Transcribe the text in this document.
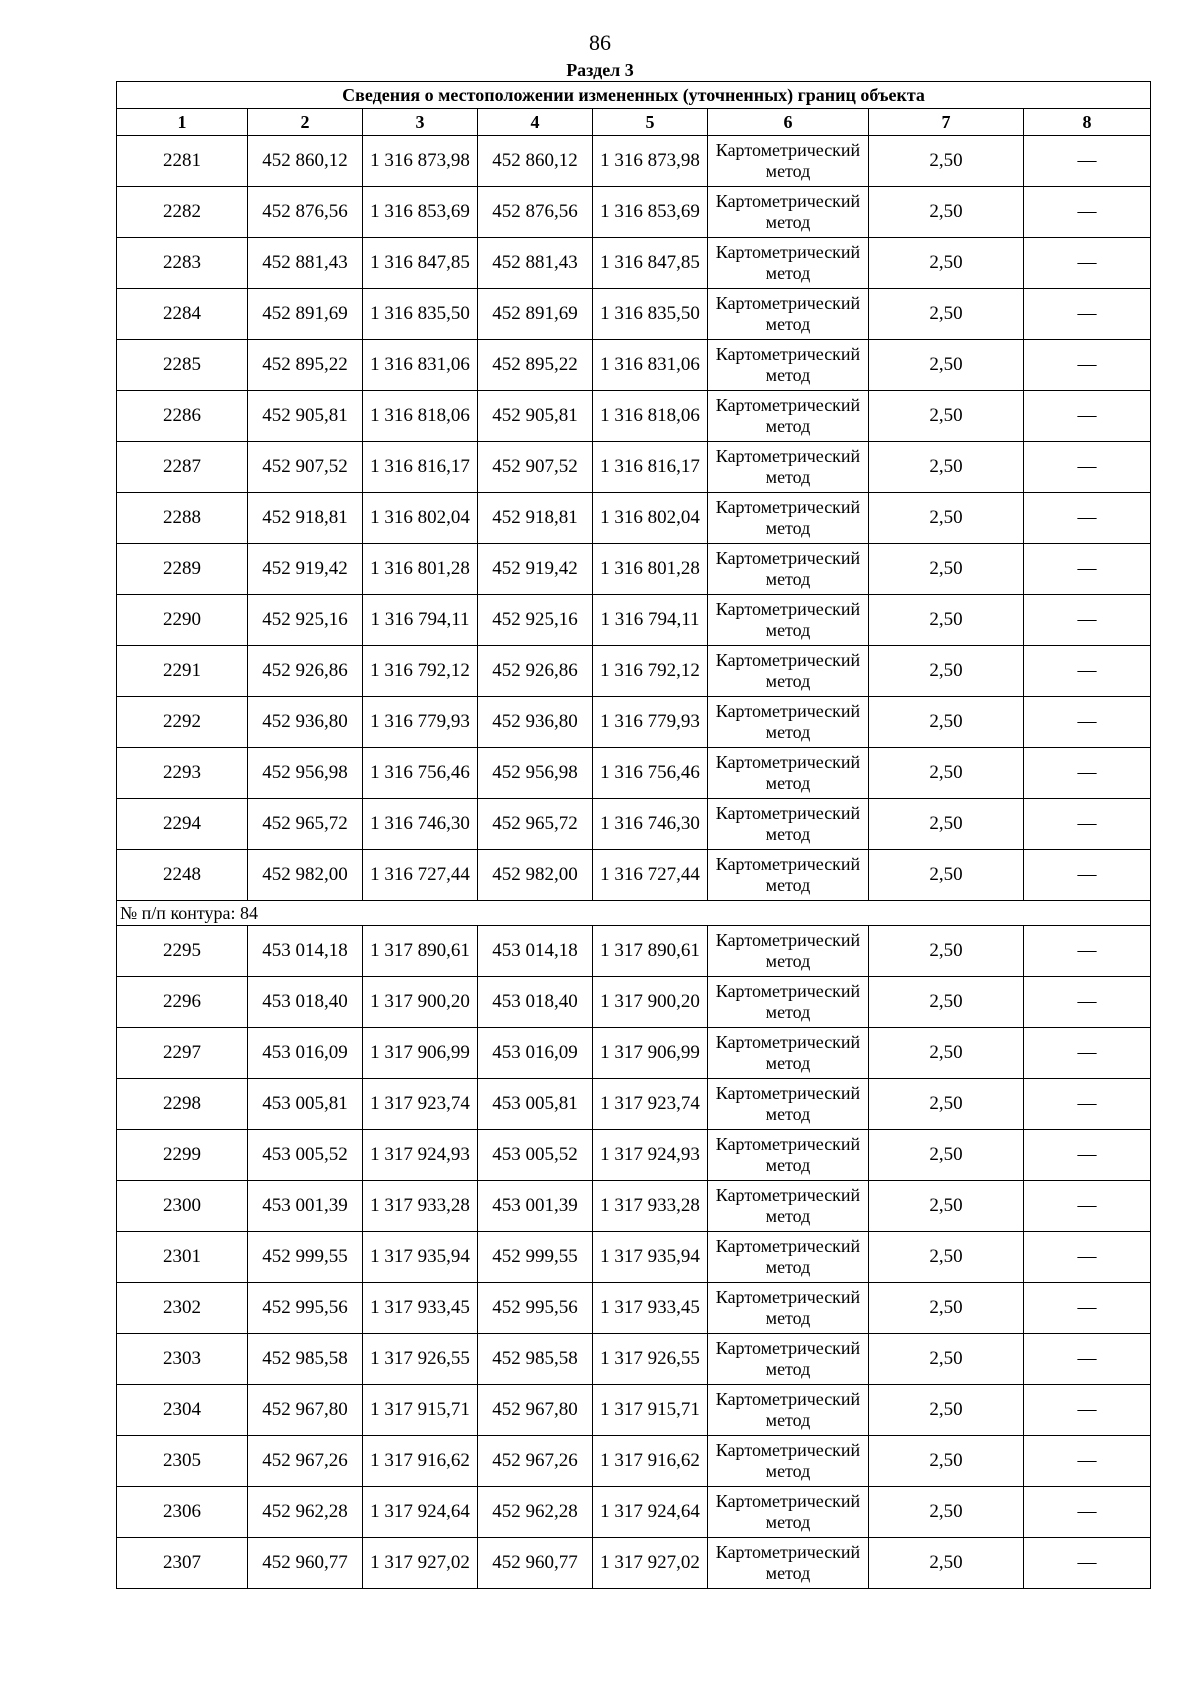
86
Раздел 3
Сведения о местоположении измененных (уточненных) границ объекта							
1	2	3	4	5	6	7	8
2281	452 860,12	1 316 873,98	452 860,12	1 316 873,98	Картометрический метод	2,50	—
2282	452 876,56	1 316 853,69	452 876,56	1 316 853,69	Картометрический метод	2,50	—
2283	452 881,43	1 316 847,85	452 881,43	1 316 847,85	Картометрический метод	2,50	—
2284	452 891,69	1 316 835,50	452 891,69	1 316 835,50	Картометрический метод	2,50	—
2285	452 895,22	1 316 831,06	452 895,22	1 316 831,06	Картометрический метод	2,50	—
2286	452 905,81	1 316 818,06	452 905,81	1 316 818,06	Картометрический метод	2,50	—
2287	452 907,52	1 316 816,17	452 907,52	1 316 816,17	Картометрический метод	2,50	—
2288	452 918,81	1 316 802,04	452 918,81	1 316 802,04	Картометрический метод	2,50	—
2289	452 919,42	1 316 801,28	452 919,42	1 316 801,28	Картометрический метод	2,50	—
2290	452 925,16	1 316 794,11	452 925,16	1 316 794,11	Картометрический метод	2,50	—
2291	452 926,86	1 316 792,12	452 926,86	1 316 792,12	Картометрический метод	2,50	—
2292	452 936,80	1 316 779,93	452 936,80	1 316 779,93	Картометрический метод	2,50	—
2293	452 956,98	1 316 756,46	452 956,98	1 316 756,46	Картометрический метод	2,50	—
2294	452 965,72	1 316 746,30	452 965,72	1 316 746,30	Картометрический метод	2,50	—
2248	452 982,00	1 316 727,44	452 982,00	1 316 727,44	Картометрический метод	2,50	—
№ п/п контура: 84							
2295	453 014,18	1 317 890,61	453 014,18	1 317 890,61	Картометрический метод	2,50	—
2296	453 018,40	1 317 900,20	453 018,40	1 317 900,20	Картометрический метод	2,50	—
2297	453 016,09	1 317 906,99	453 016,09	1 317 906,99	Картометрический метод	2,50	—
2298	453 005,81	1 317 923,74	453 005,81	1 317 923,74	Картометрический метод	2,50	—
2299	453 005,52	1 317 924,93	453 005,52	1 317 924,93	Картометрический метод	2,50	—
2300	453 001,39	1 317 933,28	453 001,39	1 317 933,28	Картометрический метод	2,50	—
2301	452 999,55	1 317 935,94	452 999,55	1 317 935,94	Картометрический метод	2,50	—
2302	452 995,56	1 317 933,45	452 995,56	1 317 933,45	Картометрический метод	2,50	—
2303	452 985,58	1 317 926,55	452 985,58	1 317 926,55	Картометрический метод	2,50	—
2304	452 967,80	1 317 915,71	452 967,80	1 317 915,71	Картометрический метод	2,50	—
2305	452 967,26	1 317 916,62	452 967,26	1 317 916,62	Картометрический метод	2,50	—
2306	452 962,28	1 317 924,64	452 962,28	1 317 924,64	Картометрический метод	2,50	—
2307	452 960,77	1 317 927,02	452 960,77	1 317 927,02	Картометрический метод	2,50	—
